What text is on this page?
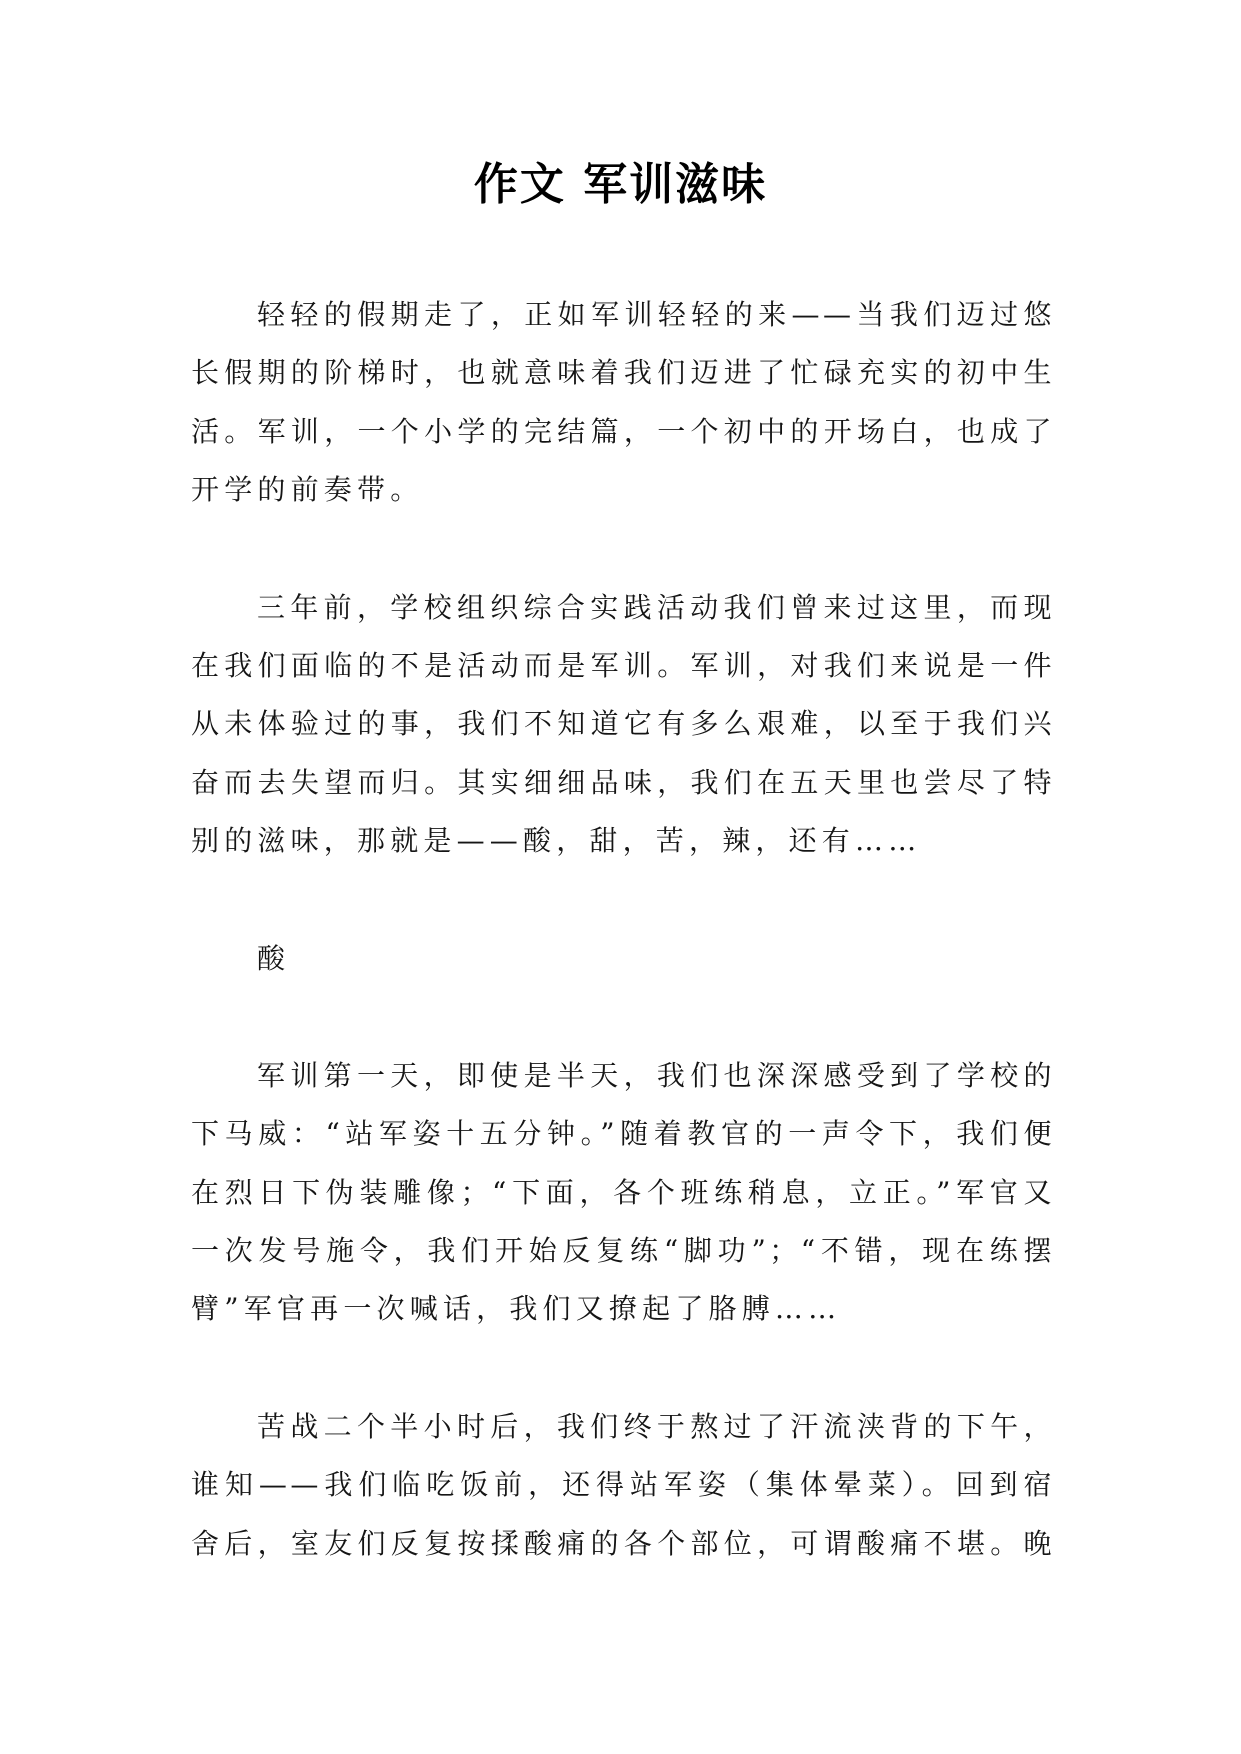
作文 军训滋味
轻轻的假期走了，正如军训轻轻的来——当我们迈过悠
长假期的阶梯时，也就意味着我们迈进了忙碌充实的初中生
活。军训，一个小学的完结篇，一个初中的开场白，也成了
开学的前奏带。
三年前，学校组织综合实践活动我们曾来过这里，而现
在我们面临的不是活动而是军训。军训，对我们来说是一件
从未体验过的事，我们不知道它有多么艰难，以至于我们兴
奋而去失望而归。其实细细品味，我们在五天里也尝尽了特
别的滋味，那就是——酸，甜，苦，辣，还有……
酸
军训第一天，即使是半天，我们也深深感受到了学校的
下马威：“站军姿十五分钟。”随着教官的一声令下，我们便
在烈日下伪装雕像；“下面，各个班练稍息，立正。”军官又
一次发号施令，我们开始反复练“脚功”；“不错，现在练摆
臂”军官再一次喊话，我们又撩起了胳膊……
苦战二个半小时后，我们终于熬过了汗流浃背的下午，
谁知——我们临吃饭前，还得站军姿（集体晕菜）。回到宿
舍后，室友们反复按揉酸痛的各个部位，可谓酸痛不堪。晚
